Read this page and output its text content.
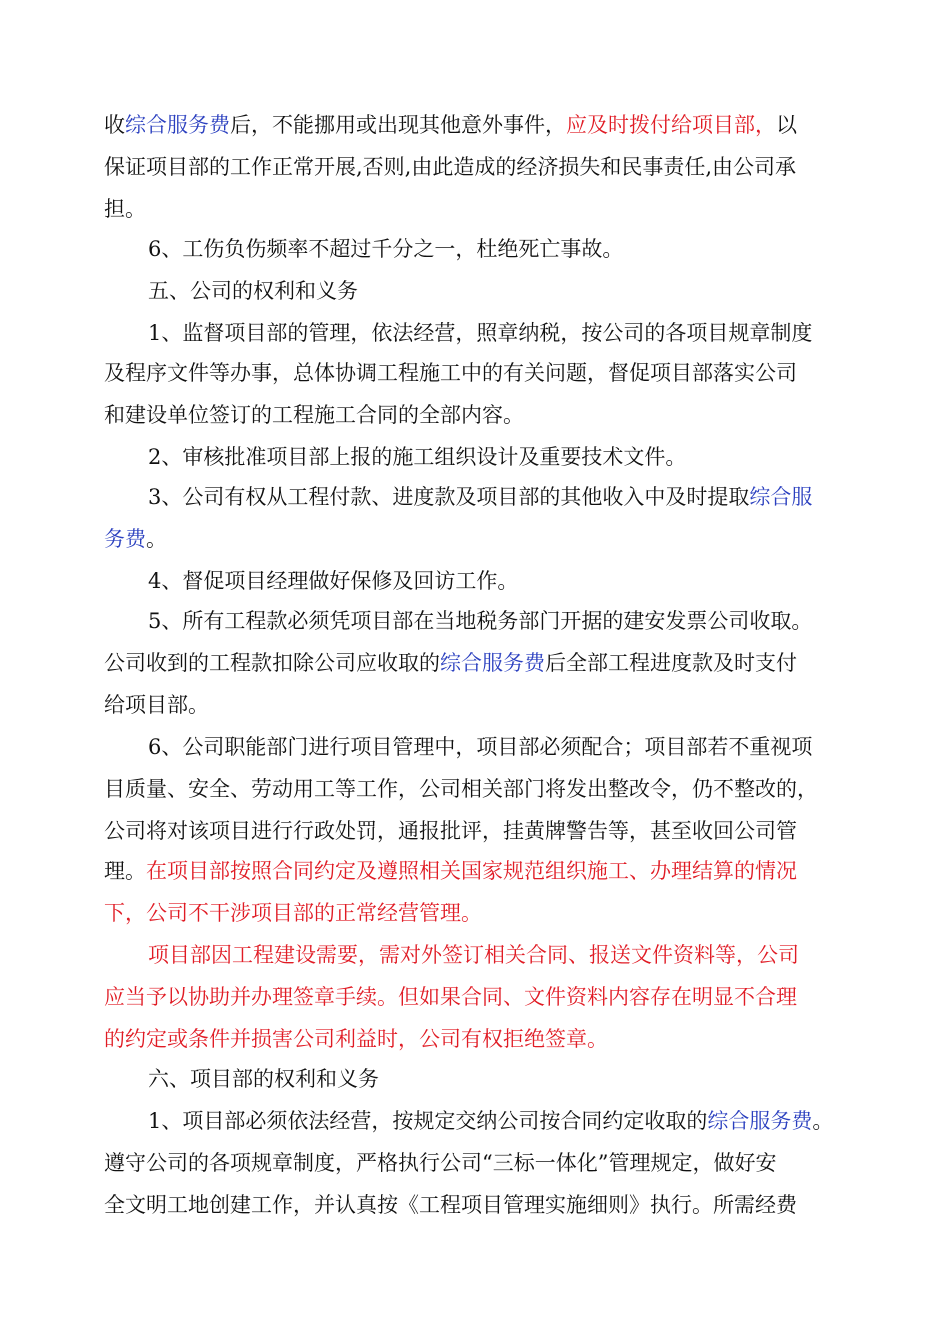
收综合服务费后，不能挪用或出现其他意外事件，应及时拨付给项目部，以
保证项目部的工作正常开展,否则,由此造成的经济损失和民事责任,由公司承
担。
6、工伤负伤频率不超过千分之一，杜绝死亡事故。
五、公司的权利和义务
1、监督项目部的管理，依法经营，照章纳税，按公司的各项目规章制度
及程序文件等办事，总体协调工程施工中的有关问题，督促项目部落实公司
和建设单位签订的工程施工合同的全部内容。
2、审核批准项目部上报的施工组织设计及重要技术文件。
3、公司有权从工程付款、进度款及项目部的其他收入中及时提取综合服
务费。
4、督促项目经理做好保修及回访工作。
5、所有工程款必须凭项目部在当地税务部门开据的建安发票公司收取。
公司收到的工程款扣除公司应收取的综合服务费后全部工程进度款及时支付
给项目部。
6、公司职能部门进行项目管理中，项目部必须配合；项目部若不重视项
目质量、安全、劳动用工等工作，公司相关部门将发出整改令，仍不整改的，
公司将对该项目进行行政处罚，通报批评，挂黄牌警告等，甚至收回公司管
理。在项目部按照合同约定及遵照相关国家规范组织施工、办理结算的情况
下，公司不干涉项目部的正常经营管理。
项目部因工程建设需要，需对外签订相关合同、报送文件资料等，公司
应当予以协助并办理签章手续。但如果合同、文件资料内容存在明显不合理
的约定或条件并损害公司利益时，公司有权拒绝签章。
六、项目部的权利和义务
1、项目部必须依法经营，按规定交纳公司按合同约定收取的综合服务费。
遵守公司的各项规章制度，严格执行公司“三标一体化”管理规定，做好安
全文明工地创建工作，并认真按《工程项目管理实施细则》执行。所需经费
